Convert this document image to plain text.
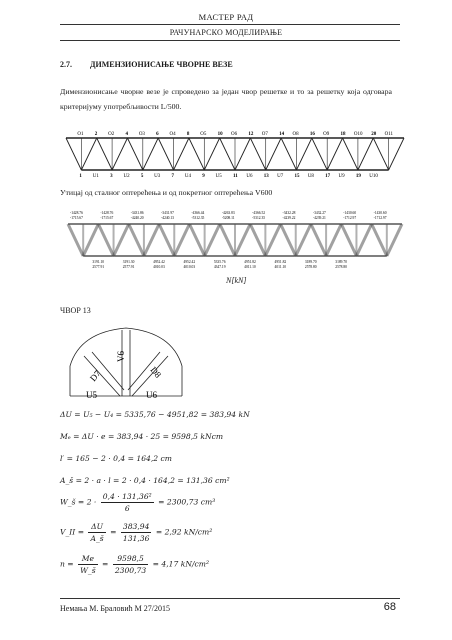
МАСТЕР РАД
РАЧУНАРСКО МОДЕЛИРАЊЕ
2.7. ДИМЕНЗИОНИСАЊЕ ЧВОРНЕ ВЕЗЕ
Димензионисање чворне везе је спроведено за један чвор решетке и то за решетку која одговара критеријуму употребљивости L/500.
O1	O2	O3	O4	O5	O6	O7	O8	O9	O10	O11
U1	U2	U3	U4	U5	U6	U7	U8	U9	U10
2	4	6	8	10	12	14	16	18	20
1	3	5	7	9	11	13	15	17	19
Утицај од сталног оптерећења и од покретног оптерећења V600
-1428.76	-1428.76	-3431.86	-3431.97	-4366.44	-4263.83	-4366.52	-3432.28	-3432.27	-1430.60	-1430.60
-1715.67	-1715.67	-4240.20	-4240.13	-5312.35	-5208.11	-5312.35	-4239.22	-4239.21	-1712.97	-1712.97
3191.10	3191.30	4952.42	4952.42	5335.76	4951.82	4951.82	3189.70	3189.70
2577.91	2577.91	4010.03	4010.03	4347.19	4011.10	4011.10	2578.80	2578.80
N[kN]
ЧВОР 13
V6
D7	D8
U5	U6
ΔU = U₅ − U₄ = 5335,76 − 4951,82 = 383,94 kN
Mₑ = ΔU · e = 383,94 · 25 = 9598,5 kNcm
l′ = 165 − 2 · 0,4 = 164,2 cm
A_š = 2 · a · l = 2 · 0,4 · 164,2 = 131,36 cm²
W_š = $2 \cdot \frac{\text{0,4 · 131,36²}}{6} = 2300,73$ cm³
V_II = $\frac{\Delta U}{A\_š} = \frac{383,94}{131,36} = 2,92$ kN/cm²
$n = \frac{Me}{W\_š} = \frac{9598,5}{2300,73} = 4,17$ kN/cm²
Немања М. Браловић М 27/2015	68
